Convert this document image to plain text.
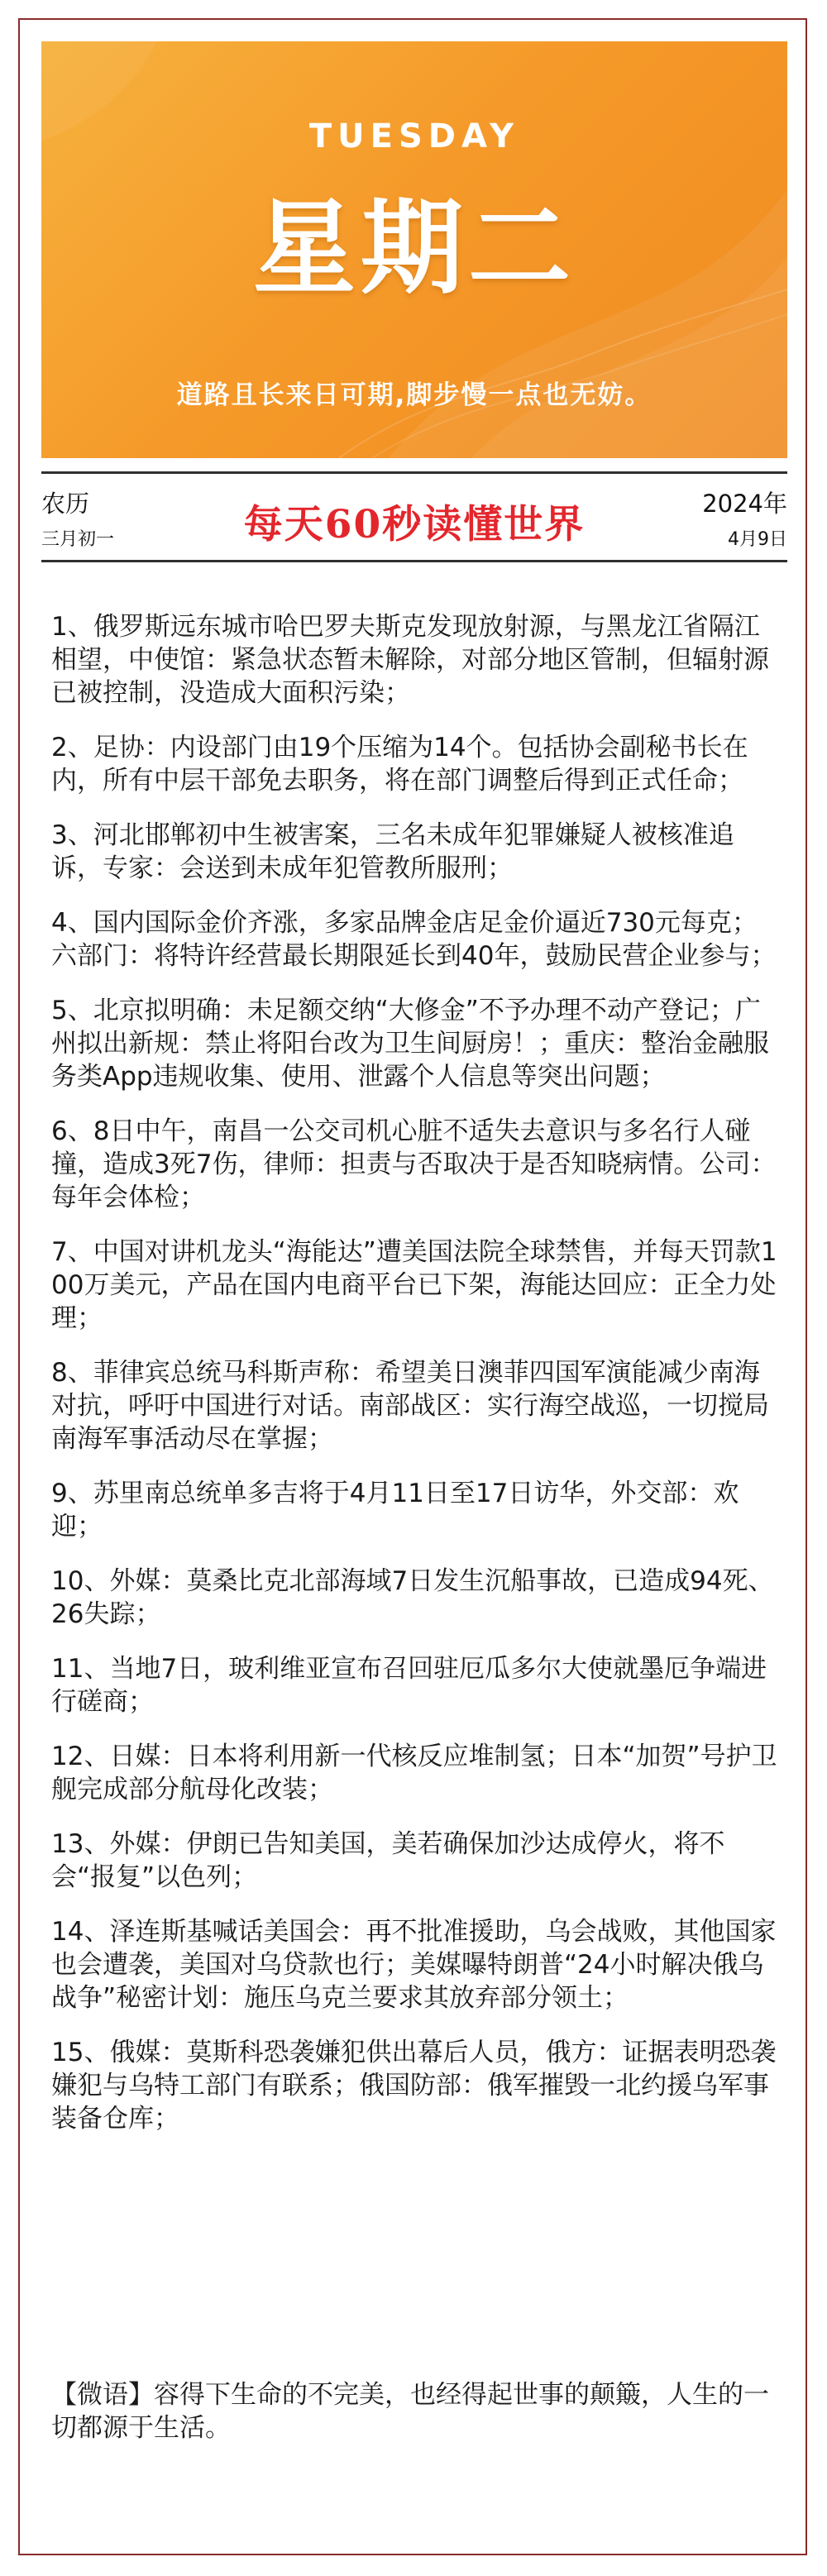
TUESDAY
星期二
道路且长来日可期,脚步慢一点也无妨。
农历
三月初一	每天60秒读懂世界	2024年
4月9日
1、俄罗斯远东城市哈巴罗夫斯克发现放射源，与黑龙江省隔江相望，中使馆：紧急状态暂未解除，对部分地区管制，但辐射源已被控制，没造成大面积污染；
2、足协：内设部门由19个压缩为14个。包括协会副秘书长在内，所有中层干部免去职务，将在部门调整后得到正式任命；
3、河北邯郸初中生被害案，三名未成年犯罪嫌疑人被核准追诉，专家：会送到未成年犯管教所服刑；
4、国内国际金价齐涨，多家品牌金店足金价逼近730元每克；六部门：将特许经营最长期限延长到40年，鼓励民营企业参与；
5、北京拟明确：未足额交纳“大修金”不予办理不动产登记；广州拟出新规：禁止将阳台改为卫生间厨房！；重庆：整治金融服务类App违规收集、使用、泄露个人信息等突出问题；
6、8日中午，南昌一公交司机心脏不适失去意识与多名行人碰撞，造成3死7伤，律师：担责与否取决于是否知晓病情。公司：每年会体检；
7、中国对讲机龙头“海能达”遭美国法院全球禁售，并每天罚款100万美元，产品在国内电商平台已下架，海能达回应：正全力处理；
8、菲律宾总统马科斯声称：希望美日澳菲四国军演能减少南海对抗，呼吁中国进行对话。南部战区：实行海空战巡，一切搅局南海军事活动尽在掌握；
9、苏里南总统单多吉将于4月11日至17日访华，外交部：欢迎；
10、外媒：莫桑比克北部海域7日发生沉船事故，已造成94死、26失踪；
11、当地7日，玻利维亚宣布召回驻厄瓜多尔大使就墨厄争端进行磋商；
12、日媒：日本将利用新一代核反应堆制氢；日本“加贺”号护卫舰完成部分航母化改装；
13、外媒：伊朗已告知美国，美若确保加沙达成停火，将不会“报复”以色列；
14、泽连斯基喊话美国会：再不批准援助，乌会战败，其他国家也会遭袭，美国对乌贷款也行；美媒曝特朗普“24小时解决俄乌战争”秘密计划：施压乌克兰要求其放弃部分领土；
15、俄媒：莫斯科恐袭嫌犯供出幕后人员，俄方：证据表明恐袭嫌犯与乌特工部门有联系；俄国防部：俄军摧毁一北约援乌军事装备仓库；
【微语】容得下生命的不完美，也经得起世事的颠簸，人生的一切都源于生活。
